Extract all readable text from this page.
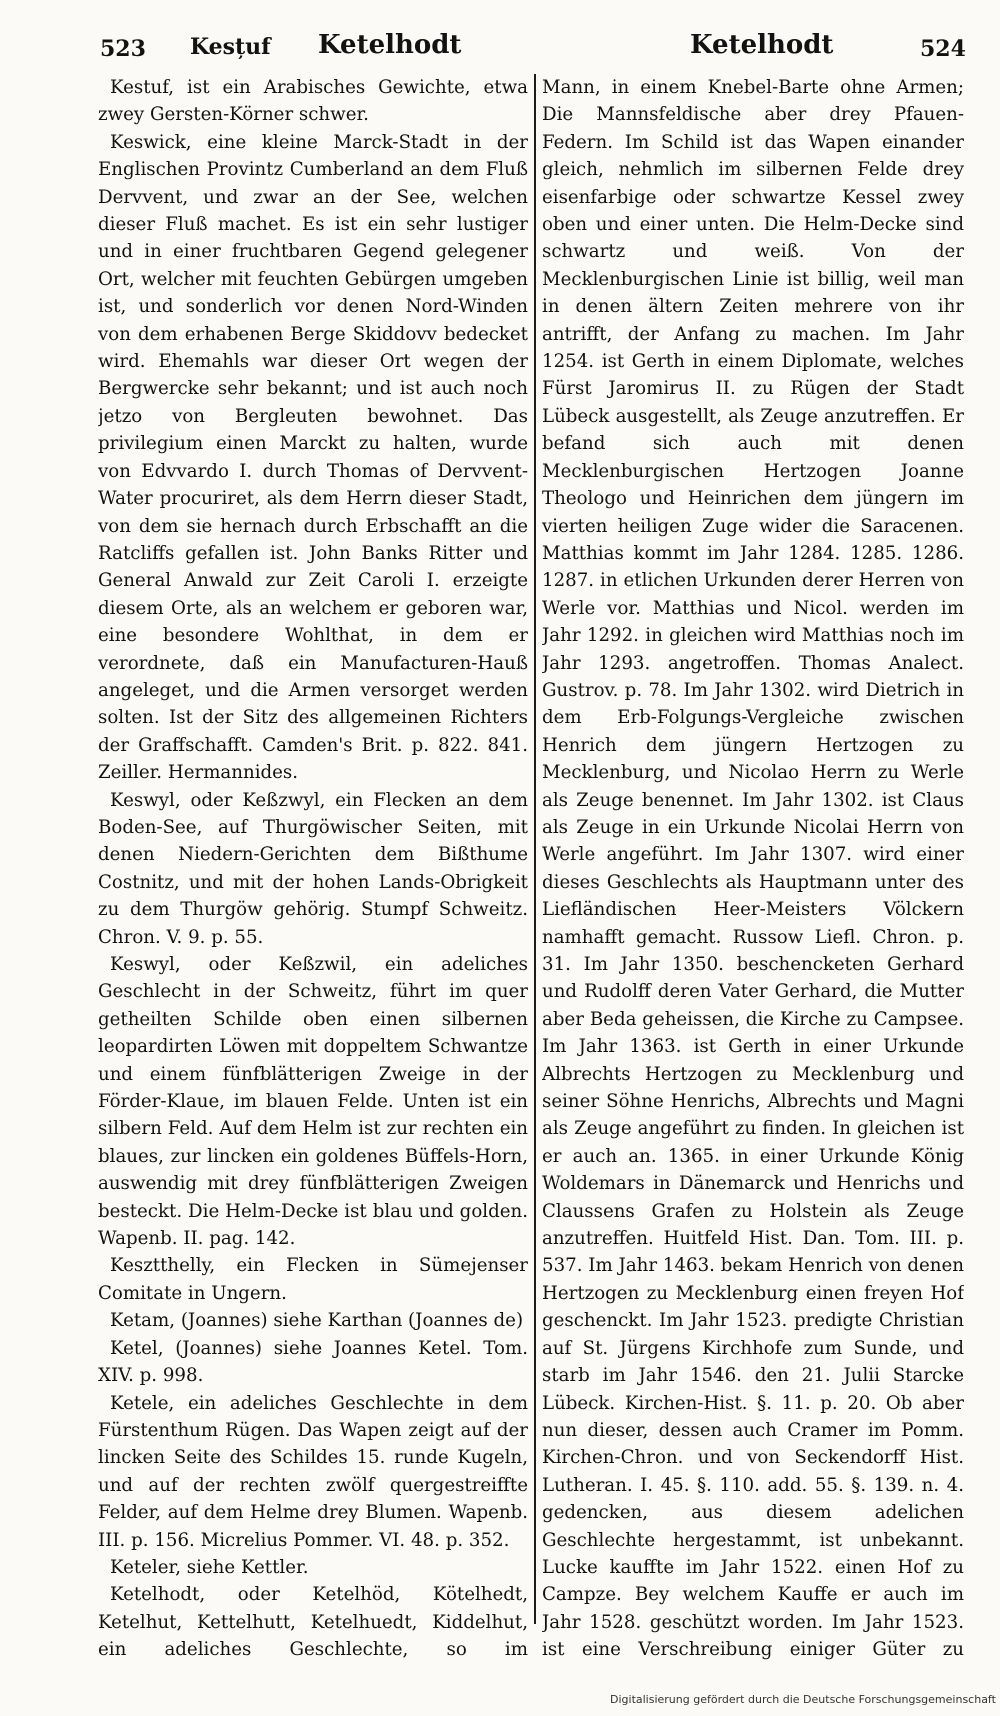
523 Kesțuf Ketelhodt	Ketelhodt	524

Kestuf, ist ein Arabisches Gewichte, etwa zwey Gersten-Körner schwer.

Keswick, eine kleine Marck-Stadt in der Englischen Provintz Cumberland an dem Fluß Dervvent, und zwar an der See, welchen dieser Fluß machet. Es ist ein sehr lustiger und in einer fruchtbaren Gegend gelegener Ort, welcher mit feuchten Gebürgen umgeben ist, und sonderlich vor denen Nord-Winden von dem erhabenen Berge Skiddovv bedecket wird. Ehemahls war dieser Ort wegen der Bergwercke sehr bekannt; und ist auch noch jetzo von Bergleuten bewohnet. Das privilegium einen Marckt zu halten, wurde von Edvvardo I. durch Thomas of Dervvent-Water procuriret, als dem Herrn dieser Stadt, von dem sie hernach durch Erbschafft an die Ratcliffs gefallen ist. John Banks Ritter und General Anwald zur Zeit Caroli I. erzeigte diesem Orte, als an welchem er geboren war, eine besondere Wohlthat, in dem er verordnete, daß ein Manufacturen-Hauß angeleget, und die Armen versorget werden solten. Ist der Sitz des allgemeinen Richters der Graffschafft. Camden's Brit. p. 822. 841. Zeiller. Hermannides.

Keswyl, oder Keßzwyl, ein Flecken an dem Boden-See, auf Thurgöwischer Seiten, mit denen Niedern-Gerichten dem Bißthume Costnitz, und mit der hohen Lands-Obrigkeit zu dem Thurgöw gehörig. Stumpf Schweitz. Chron. V. 9. p. 55.

Keswyl, oder Keßzwil, ein adeliches Geschlecht in der Schweitz, führt im quer getheilten Schilde oben einen silbernen leopardirten Löwen mit doppeltem Schwantze und einem fünfblätterigen Zweige in der Förder-Klaue, im blauen Felde. Unten ist ein silbern Feld. Auf dem Helm ist zur rechten ein blaues, zur lincken ein goldenes Büffels-Horn, auswendig mit drey fünfblätterigen Zweigen besteckt. Die Helm-Decke ist blau und golden. Wapenb. II. pag. 142.

Kesztthelly, ein Flecken in Sümejenser Comitate in Ungern.

Ketam, (Joannes) siehe Karthan (Joannes de)

Ketel, (Joannes) siehe Joannes Ketel. Tom. XIV. p. 998.

Ketele, ein adeliches Geschlechte in dem Fürstenthum Rügen. Das Wapen zeigt auf der lincken Seite des Schildes 15. runde Kugeln, und auf der rechten zwölf quergestreiffte Felder, auf dem Helme drey Blumen. Wapenb. III. p. 156. Micrelius Pommer. VI. 48. p. 352.

Keteler, siehe Kettler.

Ketelhodt, oder Ketelhöd, Kötelhedt, Ketelhut, Kettelhutt, Ketelhuedt, Kiddelhut, ein adeliches Geschlechte, so im

Mann, in einem Knebel-Barte ohne Armen; Die Mannsfeldische aber drey Pfauen-Federn. Im Schild ist das Wapen einander gleich, nehmlich im silbernen Felde drey eisenfarbige oder schwartze Kessel zwey oben und einer unten. Die Helm-Decke sind schwartz und weiß. Von der Mecklenburgischen Linie ist billig, weil man in denen ältern Zeiten mehrere von ihr antrifft, der Anfang zu machen. Im Jahr 1254. ist Gerth in einem Diplomate, welches Fürst Jaromirus II. zu Rügen der Stadt Lübeck ausgestellt, als Zeuge anzutreffen. Er befand sich auch mit denen Mecklenburgischen Hertzogen Joanne Theologo und Heinrichen dem jüngern im vierten heiligen Zuge wider die Saracenen. Matthias kommt im Jahr 1284. 1285. 1286. 1287. in etlichen Urkunden derer Herren von Werle vor. Matthias und Nicol. werden im Jahr 1292. in gleichen wird Matthias noch im Jahr 1293. angetroffen. Thomas Analect. Gustrov. p. 78. Im Jahr 1302. wird Dietrich in dem Erb-Folgungs-Vergleiche zwischen Henrich dem jüngern Hertzogen zu Mecklenburg, und Nicolao Herrn zu Werle als Zeuge benennet. Im Jahr 1302. ist Claus als Zeuge in ein Urkunde Nicolai Herrn von Werle angeführt. Im Jahr 1307. wird einer dieses Geschlechts als Hauptmann unter des Liefländischen Heer-Meisters Völckern namhafft gemacht. Russow Liefl. Chron. p. 31. Im Jahr 1350. beschencketen Gerhard und Rudolff deren Vater Gerhard, die Mutter aber Beda geheissen, die Kirche zu Campsee. Im Jahr 1363. ist Gerth in einer Urkunde Albrechts Hertzogen zu Mecklenburg und seiner Söhne Henrichs, Albrechts und Magni als Zeuge angeführt zu finden. In gleichen ist er auch an. 1365. in einer Urkunde König Woldemars in Dänemarck und Henrichs und Claussens Grafen zu Holstein als Zeuge anzutreffen. Huitfeld Hist. Dan. Tom. III. p. 537. Im Jahr 1463. bekam Henrich von denen Hertzogen zu Mecklenburg einen freyen Hof geschenckt. Im Jahr 1523. predigte Christian auf St. Jürgens Kirchhofe zum Sunde, und starb im Jahr 1546. den 21. Julii Starcke Lübeck. Kirchen-Hist. §. 11. p. 20. Ob aber nun dieser, dessen auch Cramer im Pomm. Kirchen-Chron. und von Seckendorff Hist. Lutheran. I. 45. §. 110. add. 55. §. 139. n. 4. gedencken, aus diesem adelichen Geschlechte hergestammt, ist unbekannt. Lucke kauffte im Jahr 1522. einen Hof zu Campze. Bey welchem Kauffe er auch im Jahr 1528. geschützt worden. Im Jahr 1523. ist eine Verschreibung einiger Güter zu

Digitalisierung gefördert durch die Deutsche Forschungsgemeinschaft
